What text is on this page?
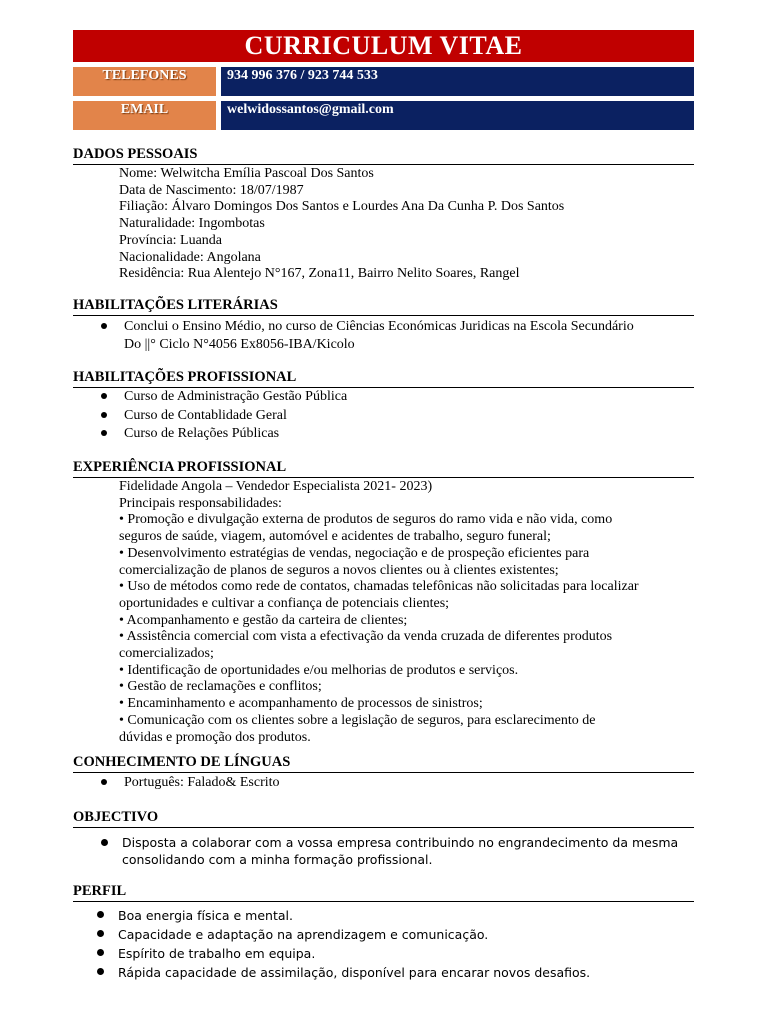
CURRICULUM VITAE
TELEFONES	934 996 376 / 923 744 533
EMAIL	welwidossantos@gmail.com
DADOS PESSOAIS
Nome: Welwitcha Emília Pascoal Dos Santos
Data de Nascimento: 18/07/1987
Filiação: Álvaro Domingos Dos Santos e Lourdes Ana Da Cunha P. Dos Santos
Naturalidade: Ingombotas
Província: Luanda
Nacionalidade: Angolana
Residência: Rua Alentejo N°167, Zona11, Bairro Nelito Soares, Rangel
HABILITAÇÕES LITERÁRIAS
Conclui o Ensino Médio, no curso de Ciências Económicas Juridicas na Escola Secundário
Do ||° Ciclo N°4056 Ex8056-IBA/Kicolo
HABILITAÇÕES PROFISSIONAL
Curso de Administração Gestão Pública
Curso de Contablidade Geral
Curso de Relações Públicas
EXPERIÊNCIA PROFISSIONAL
Fidelidade Angola – Vendedor Especialista 2021- 2023)
Principais responsabilidades:
• Promoção e divulgação externa de produtos de seguros do ramo vida e não vida, como
seguros de saúde, viagem, automóvel e acidentes de trabalho, seguro funeral;
• Desenvolvimento estratégias de vendas, negociação e de prospeção eficientes para
comercialização de planos de seguros a novos clientes ou à clientes existentes;
• Uso de métodos como rede de contatos, chamadas telefônicas não solicitadas para localizar
oportunidades e cultivar a confiança de potenciais clientes;
• Acompanhamento e gestão da carteira de clientes;
• Assistência comercial com vista a efectivação da venda cruzada de diferentes produtos
comercializados;
• Identificação de oportunidades e/ou melhorias de produtos e serviços.
• Gestão de reclamações e conflitos;
• Encaminhamento e acompanhamento de processos de sinistros;
• Comunicação com os clientes sobre a legislação de seguros, para esclarecimento de
dúvidas e promoção dos produtos.
CONHECIMENTO DE LÍNGUAS
Português: Falado& Escrito
OBJECTIVO
Disposta a colaborar com a vossa empresa contribuindo no engrandecimento da mesma
consolidando com a minha formação profissional.
PERFIL
Boa energia física e mental.
Capacidade e adaptação na aprendizagem e comunicação.
Espírito de trabalho em equipa.
Rápida capacidade de assimilação, disponível para encarar novos desafios.
